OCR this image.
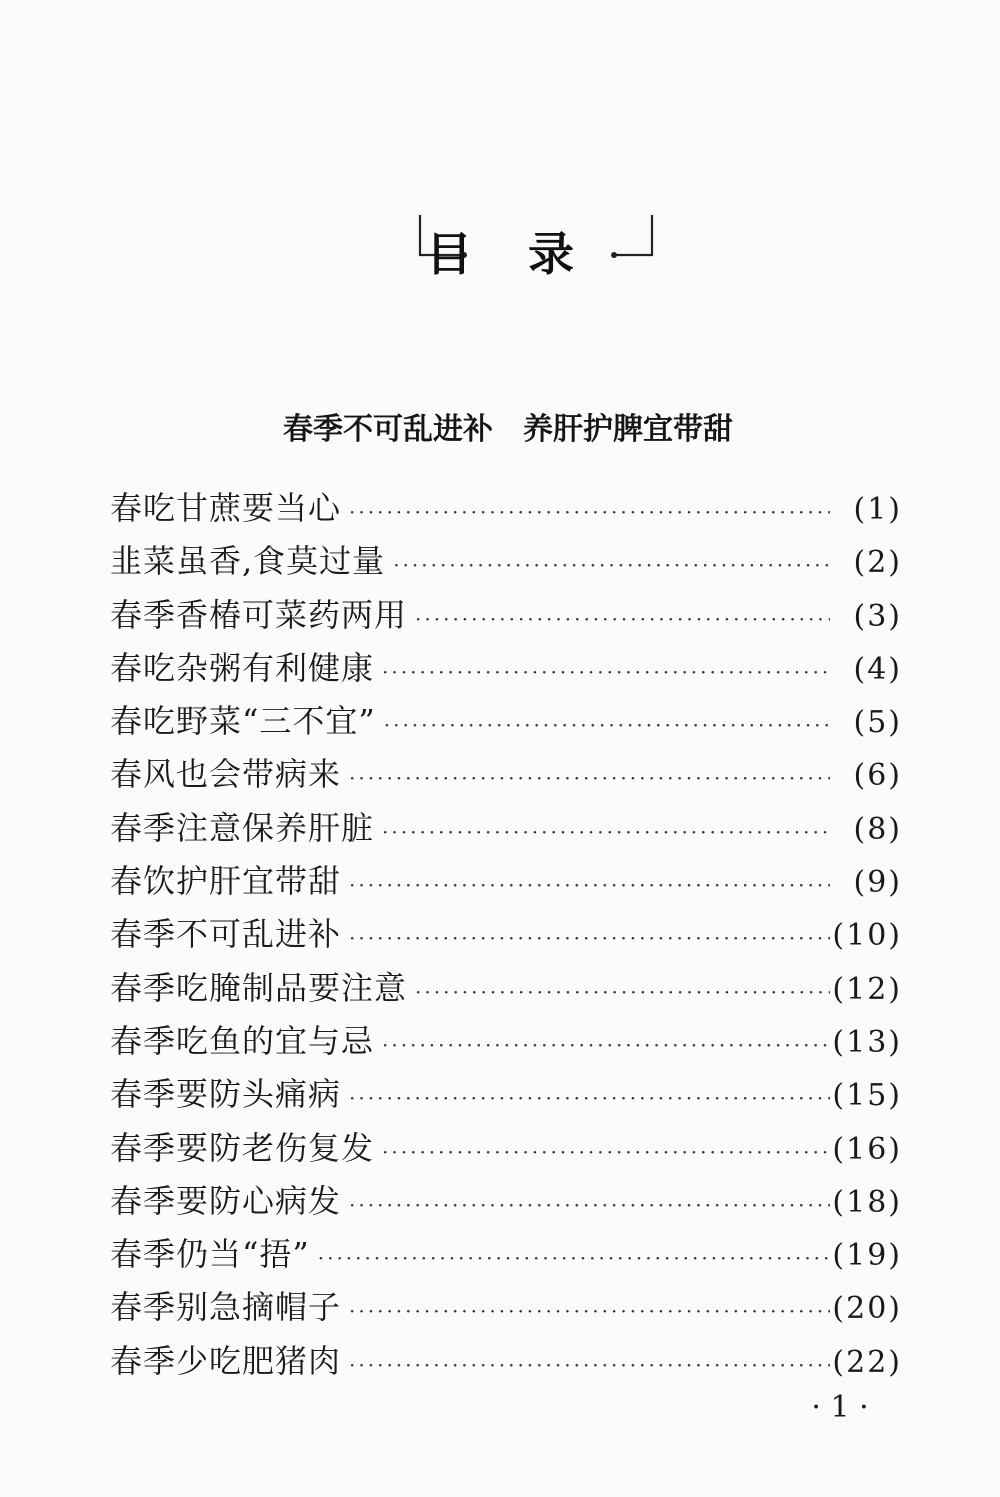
目录
春季不可乱进补　养肝护脾宜带甜
春吃甘蔗要当心 ·····	(1)
韭菜虽香,食莫过量 ·····	(2)
春季香椿可菜药两用 ·····	(3)
春吃杂粥有利健康 ·····	(4)
春吃野菜“三不宜” ·····	(5)
春风也会带病来 ·····	(6)
春季注意保养肝脏 ·····	(8)
春饮护肝宜带甜 ·····	(9)
春季不可乱进补 ·····	(10)
春季吃腌制品要注意 ·····	(12)
春季吃鱼的宜与忌 ·····	(13)
春季要防头痛病 ·····	(15)
春季要防老伤复发 ·····	(16)
春季要防心病发 ·····	(18)
春季仍当“捂” ·····	(19)
春季别急摘帽子 ·····	(20)
春季少吃肥猪肉 ·····	(22)
· 1 ·
